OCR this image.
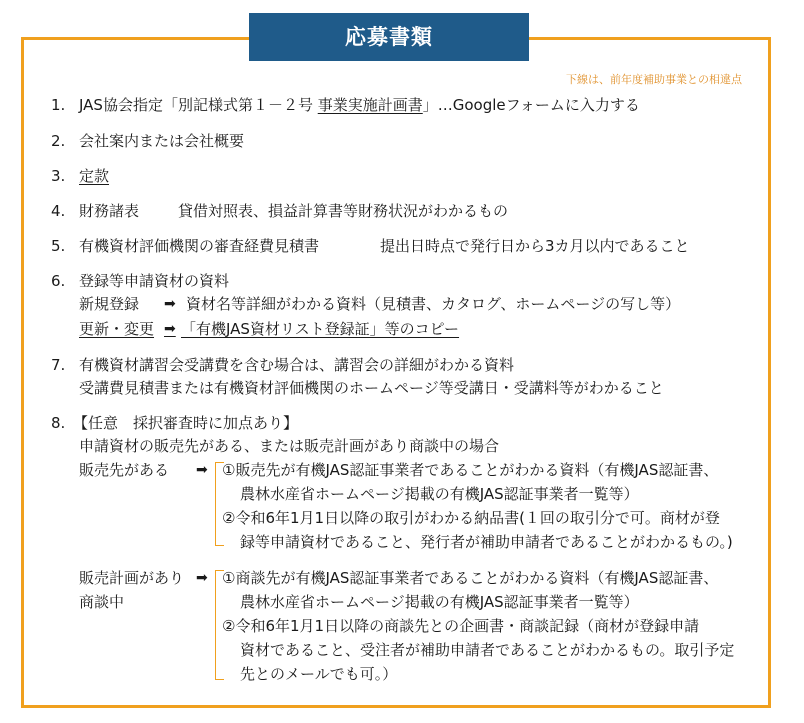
応募書類
下線は、前年度補助事業との相違点
1. JAS協会指定「別記様式第１－２号 事業実施計画書」…Googleフォームに入力する
2. 会社案内または会社概要
3. 定款
4. 財務諸表	貸借対照表、損益計算書等財務状況がわかるもの
5. 有機資材評価機関の審査経費見積書	提出日時点で発行日から3カ月以内であること
6. 登録等申請資材の資料
新規登録 ➡ 資材名等詳細がわかる資料（見積書、カタログ、ホームページの写し等）
更新・変更 ➡ 「有機JAS資材リスト登録証」等のコピー
7. 有機資材講習会受講費を含む場合は、講習会の詳細がわかる資料
受講費見積書または有機資材評価機関のホームページ等受講日・受講料等がわかること
8. 【任意　採択審査時に加点あり】
申請資材の販売先がある、または販売計画があり商談中の場合
販売先がある ➡ ①販売先が有機JAS認証事業者であることがわかる資料（有機JAS認証書、
農林水産省ホームページ掲載の有機JAS認証事業者一覧等）
②令和6年1月1日以降の取引がわかる納品書(１回の取引分で可。商材が登
録等申請資材であること、発行者が補助申請者であることがわかるもの。)
販売計画があり
商談中
➡ ①商談先が有機JAS認証事業者であることがわかる資料（有機JAS認証書、
農林水産省ホームページ掲載の有機JAS認証事業者一覧等）
②令和6年1月1日以降の商談先との企画書・商談記録（商材が登録申請
資材であること、受注者が補助申請者であることがわかるもの。取引予定
先とのメールでも可。）
